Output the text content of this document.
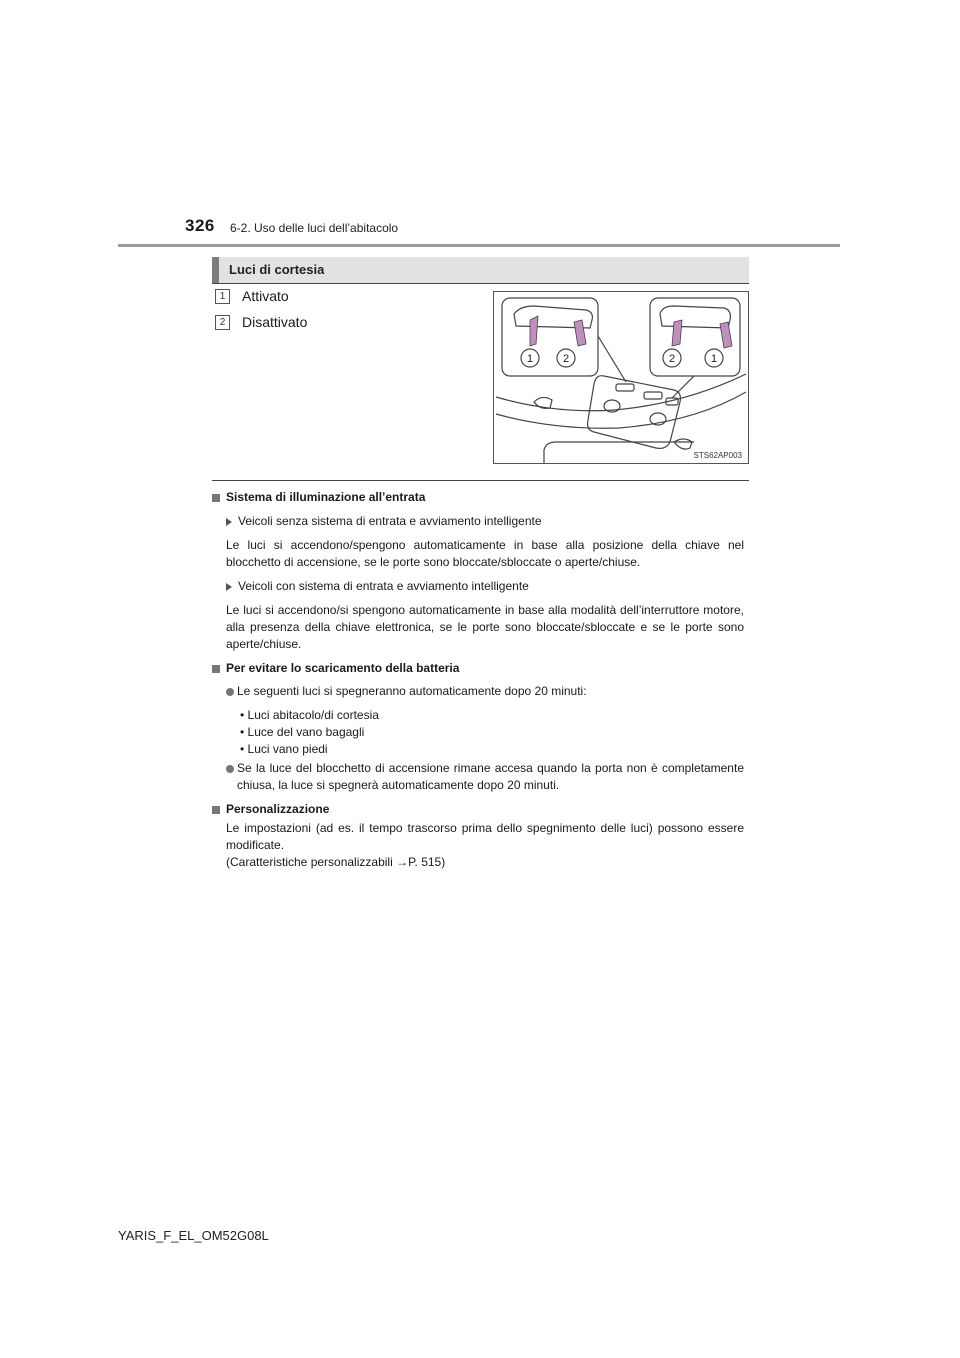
326 6-2. Uso delle luci dell’abitacolo
Luci di cortesia
1	Attivato
2	Disattivato
1	2	2	1
STS62AP003
Sistema di illuminazione all’entrata
Veicoli senza sistema di entrata e avviamento intelligente
Le luci si accendono/spengono automaticamente in base alla posizione della chiave nel blocchetto di accensione, se le porte sono bloccate/sbloccate o aperte/chiuse.
Veicoli con sistema di entrata e avviamento intelligente
Le luci si accendono/si spengono automaticamente in base alla modalità dell’interruttore motore, alla presenza della chiave elettronica, se le porte sono bloccate/sbloccate e se le porte sono aperte/chiuse.
Per evitare lo scaricamento della batteria
Le seguenti luci si spegneranno automaticamente dopo 20 minuti:
• Luci abitacolo/di cortesia
• Luce del vano bagagli
• Luci vano piedi
Se la luce del blocchetto di accensione rimane accesa quando la porta non è completamente chiusa, la luce si spegnerà automaticamente dopo 20 minuti.
Personalizzazione
Le impostazioni (ad es. il tempo trascorso prima dello spegnimento delle luci) possono essere modificate.
(Caratteristiche personalizzabili →P. 515)
YARIS_F_EL_OM52G08L
